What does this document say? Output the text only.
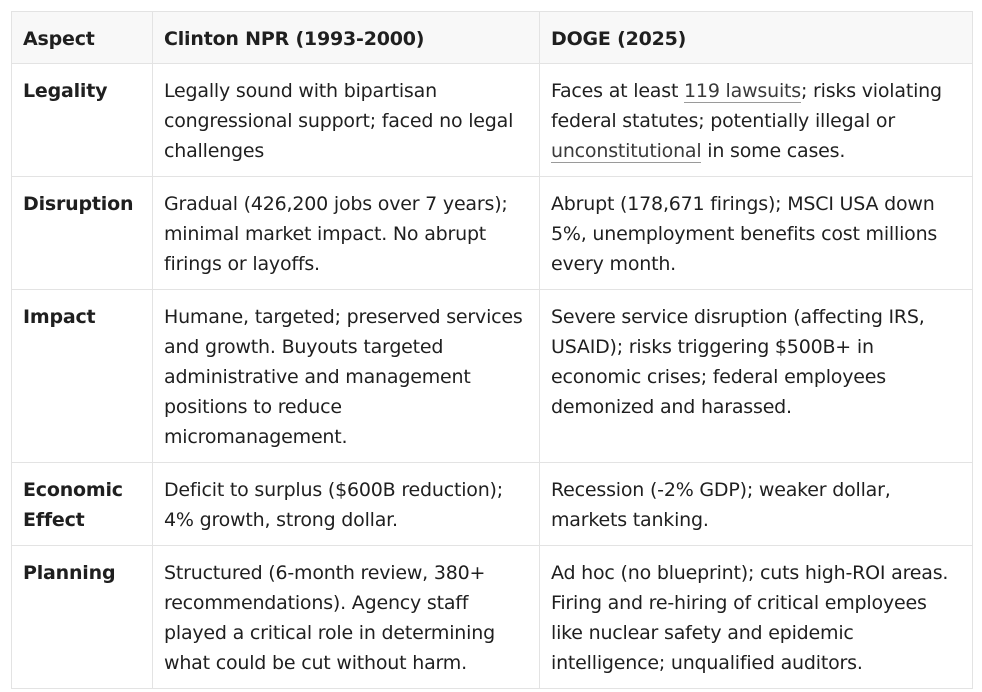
Aspect	Clinton NPR (1993-2000)	DOGE (2025)
Legality	Legally sound with bipartisan congressional support; faced no legal challenges	Faces at least 119 lawsuits; risks violating federal statutes; potentially illegal or unconstitutional in some cases.
Disruption	Gradual (426,200 jobs over 7 years); minimal market impact. No abrupt firings or layoffs.	Abrupt (178,671 firings); MSCI USA down 5%, unemployment benefits cost millions every month.
Impact	Humane, targeted; preserved services and growth. Buyouts targeted administrative and management positions to reduce micromanagement.	Severe service disruption (affecting IRS, USAID); risks triggering $500B+ in economic crises; federal employees demonized and harassed.
Economic Effect	Deficit to surplus ($600B reduction); 4% growth, strong dollar.	Recession (-2% GDP); weaker dollar, markets tanking.
Planning	Structured (6-month review, 380+ recommendations). Agency staff played a critical role in determining what could be cut without harm.	Ad hoc (no blueprint); cuts high-ROI areas. Firing and re-hiring of critical employees like nuclear safety and epidemic intelligence; unqualified auditors.
